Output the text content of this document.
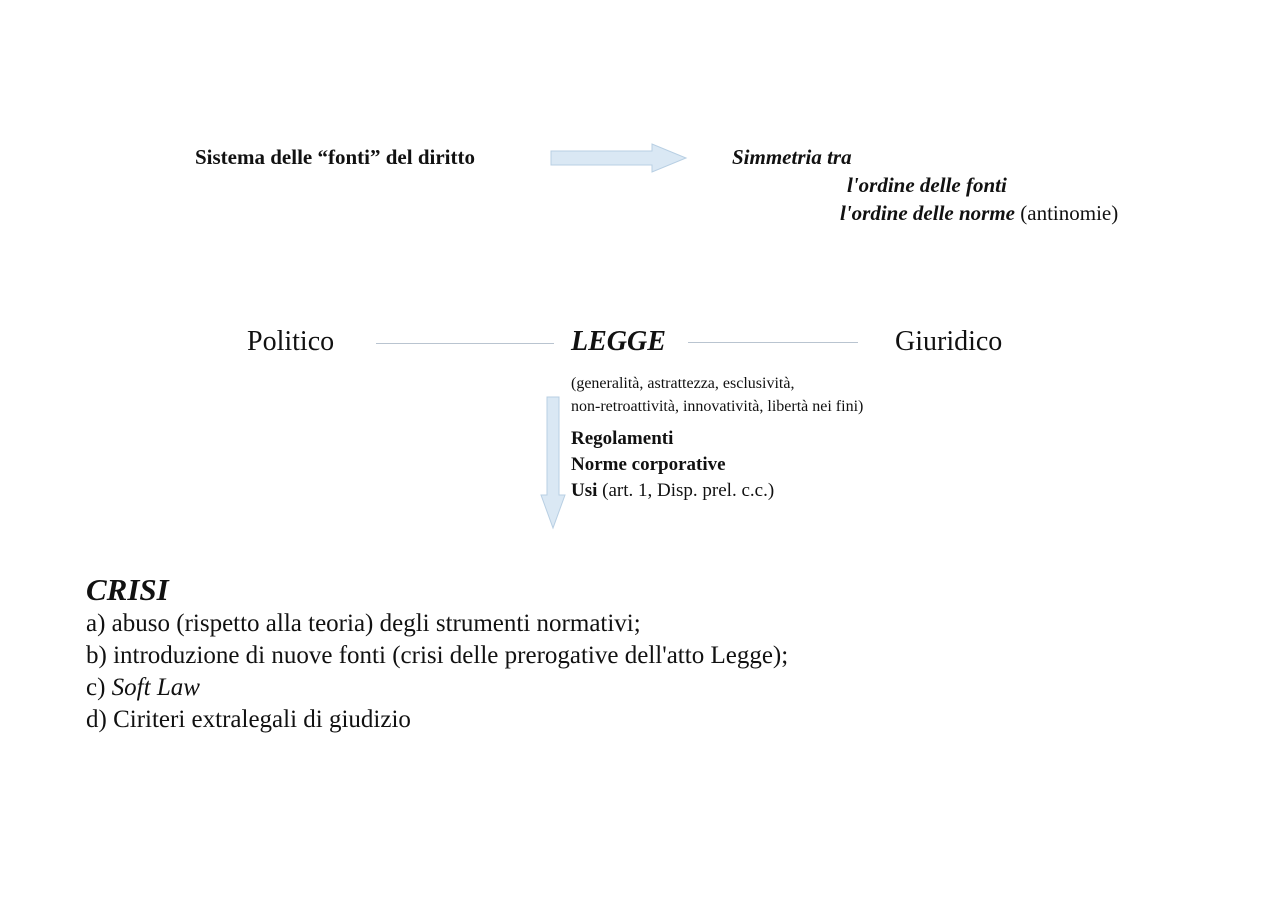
Sistema delle “fonti” del diritto	Simmetria tra
l'ordine delle fonti
l'ordine delle norme (antinomie)
Politico	LEGGE	Giuridico
(generalità, astrattezza, esclusività,
non-retroattività, innovatività, libertà nei fini)
Regolamenti
Norme corporative
Usi (art. 1, Disp. prel. c.c.)
CRISI
a) abuso (rispetto alla teoria) degli strumenti normativi;
b) introduzione di nuove fonti (crisi delle prerogative dell'atto Legge);
c) Soft Law
d) Ciriteri extralegali di giudizio
